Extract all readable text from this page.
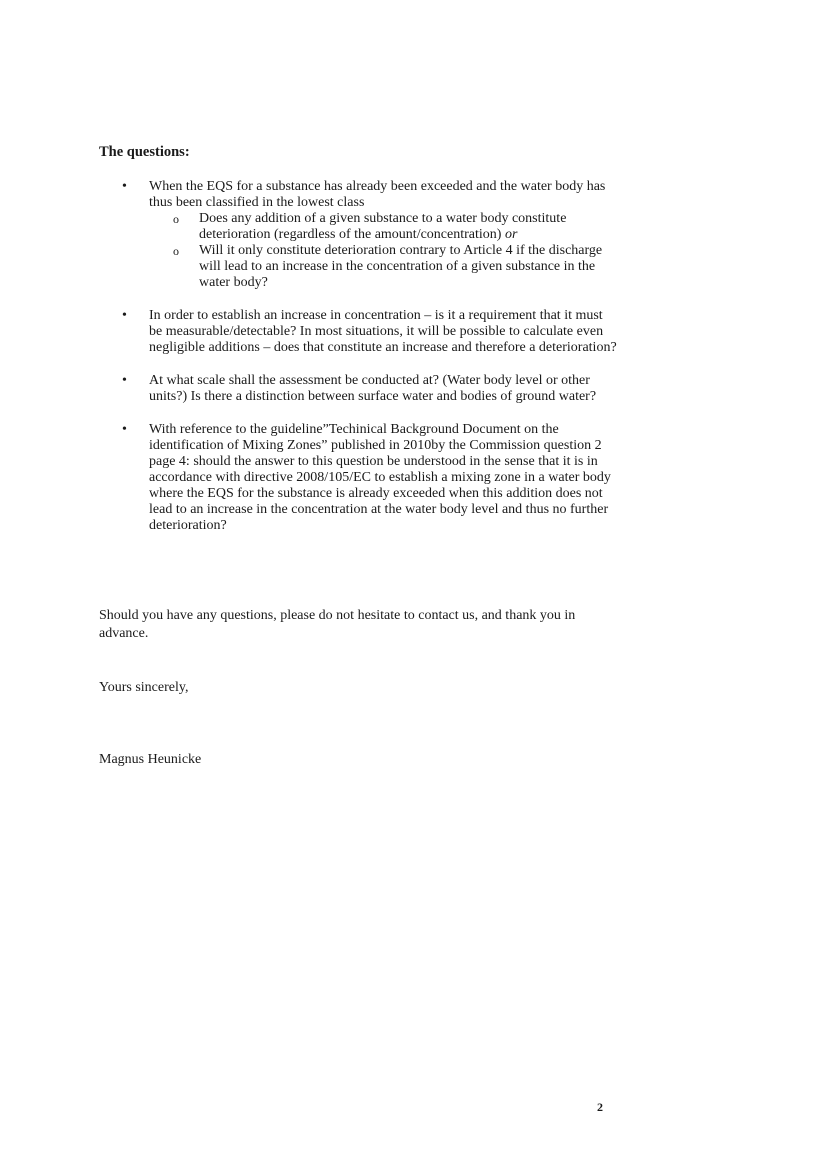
The questions:
• When the EQS for a substance has already been exceeded and the water body has thus been classified in the lowest class
o Does any addition of a given substance to a water body constitute deterioration (regardless of the amount/concentration) or
o Will it only constitute deterioration contrary to Article 4 if the discharge will lead to an increase in the concentration of a given substance in the water body?
• In order to establish an increase in concentration – is it a requirement that it must be measurable/detectable? In most situations, it will be possible to calculate even negligible additions – does that constitute an increase and therefore a deterioration?
• At what scale shall the assessment be conducted at? (Water body level or other units?) Is there a distinction between surface water and bodies of ground water?
• With reference to the guideline”Techinical Background Document on the identification of Mixing Zones” published in 2010by the Commission question 2 page 4: should the answer to this question be understood in the sense that it is in accordance with directive 2008/105/EC to establish a mixing zone in a water body where the EQS for the substance is already exceeded when this addition does not lead to an increase in the concentration at the water body level and thus no further deterioration?
Should you have any questions, please do not hesitate to contact us, and thank you in advance.
Yours sincerely,
Magnus Heunicke
2
